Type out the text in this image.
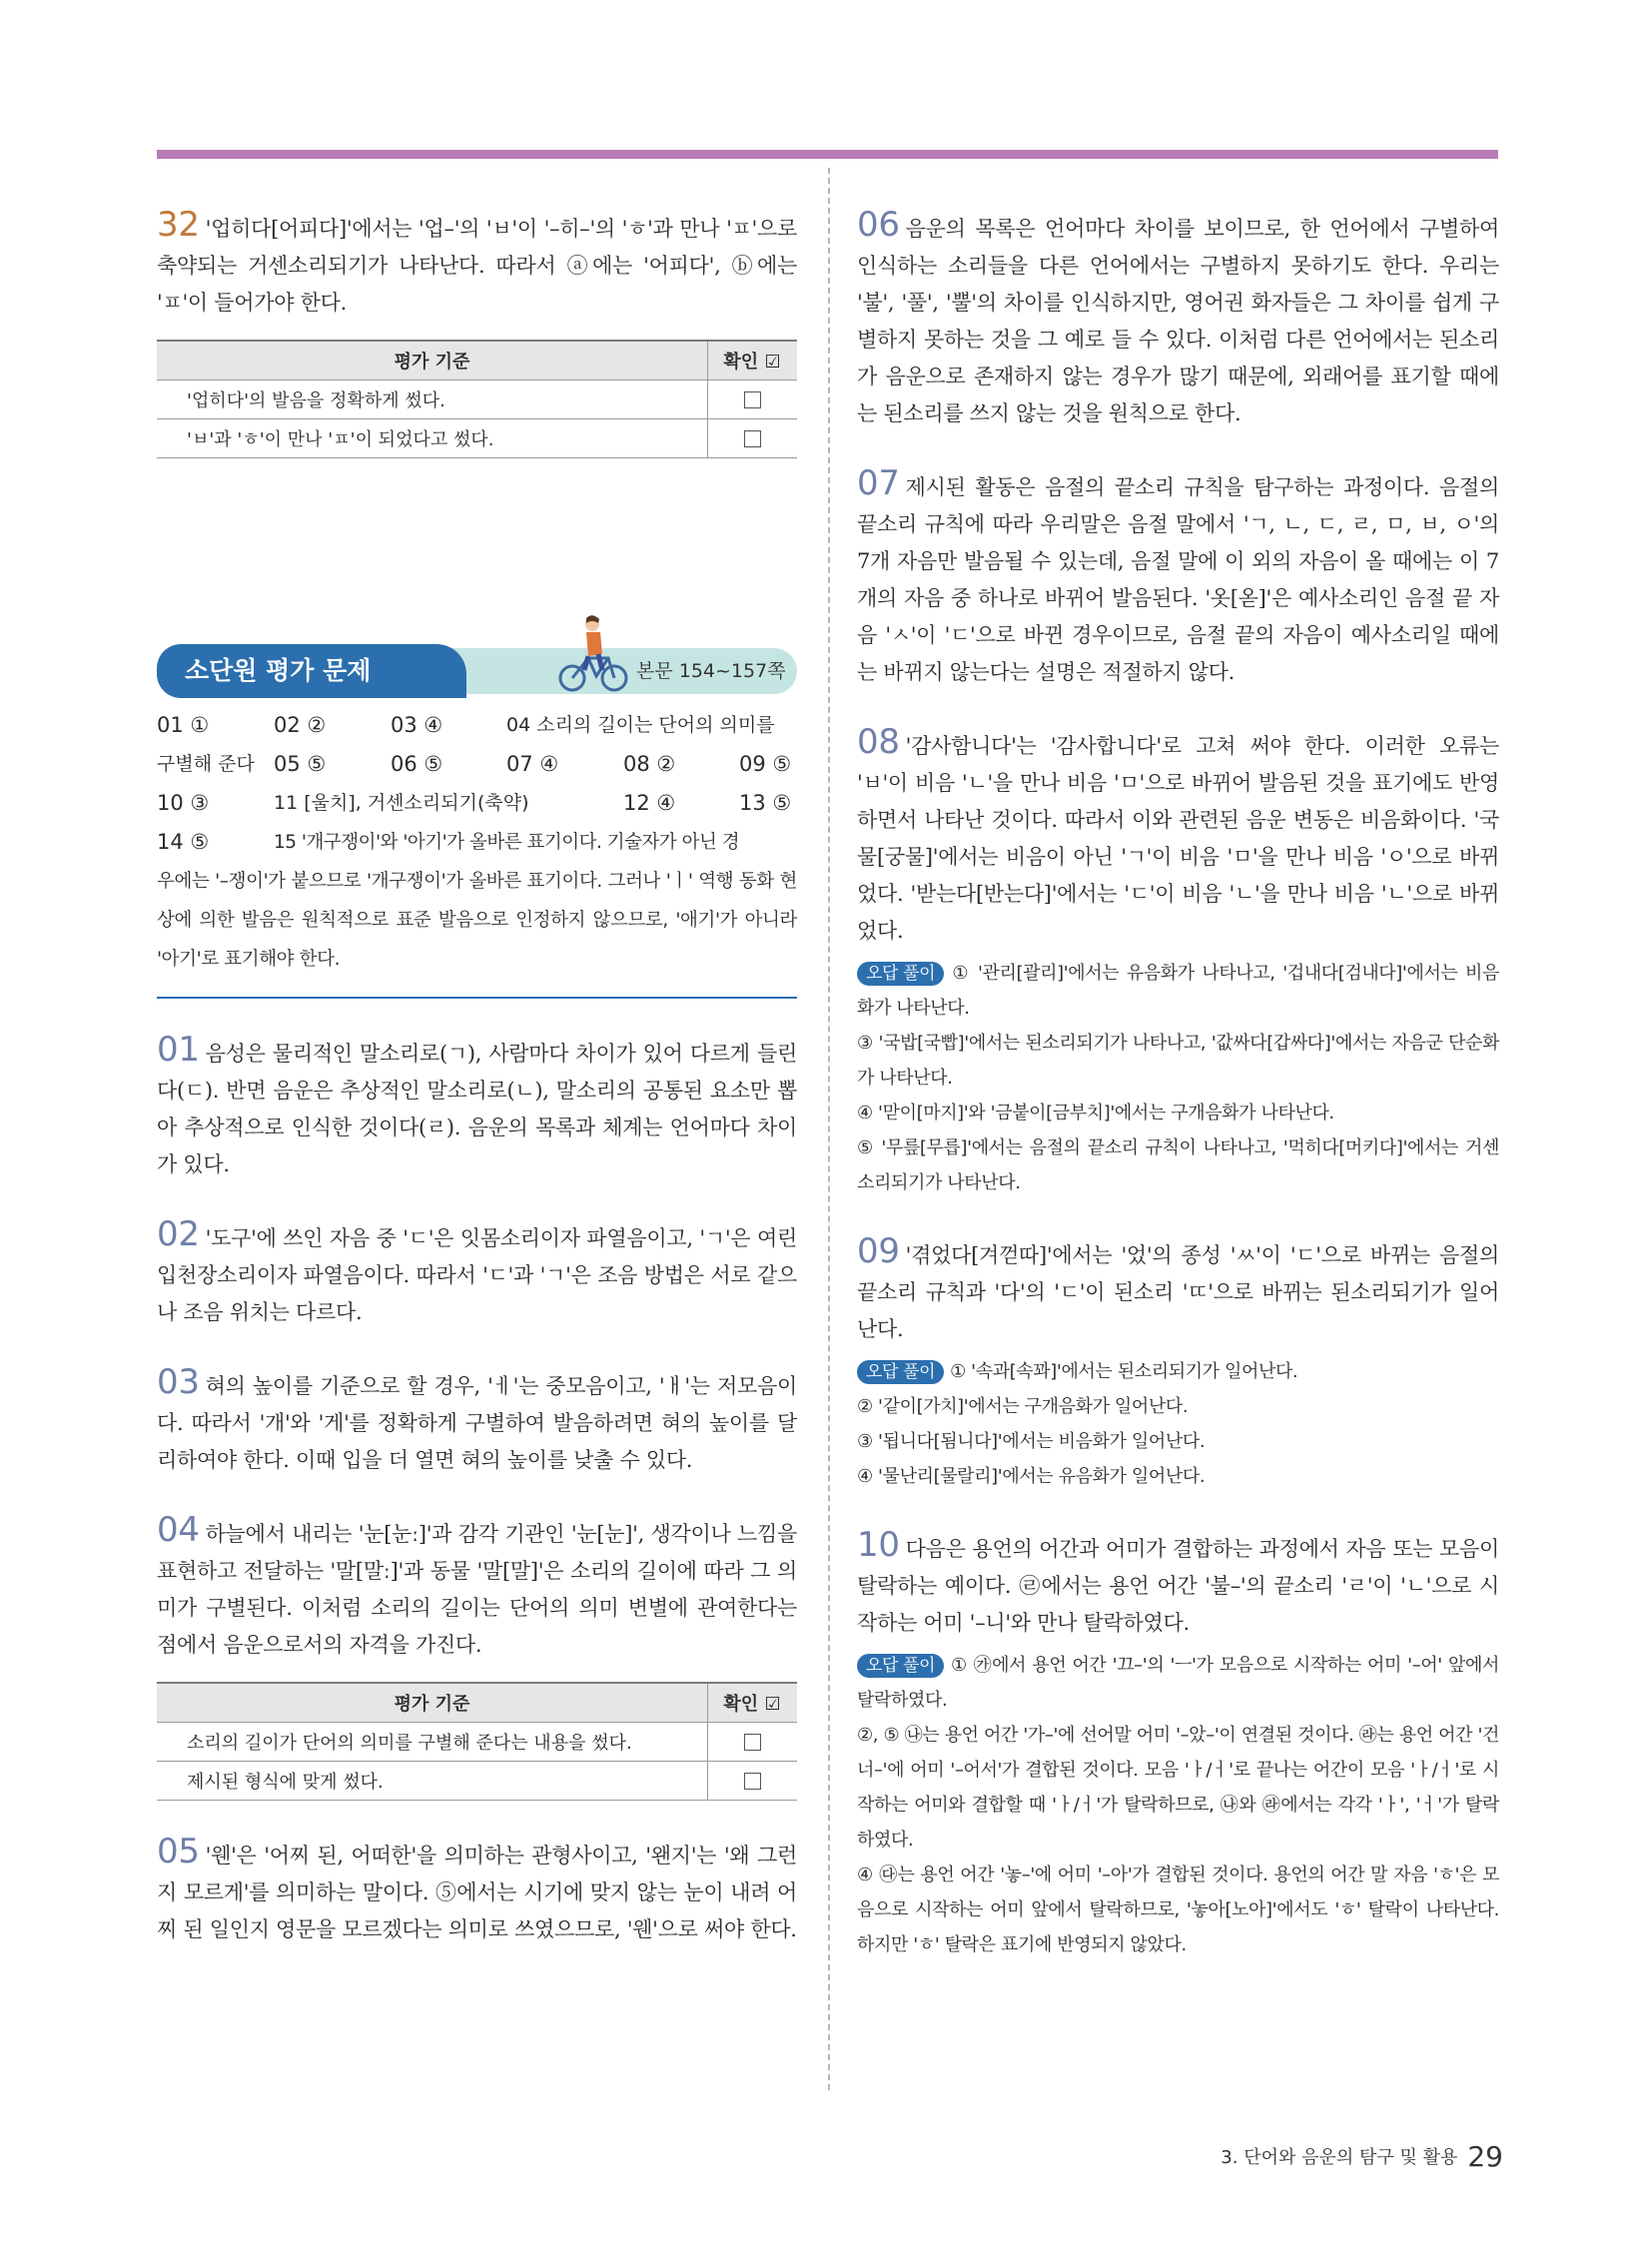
32 '업히다[어피다]'에서는 '업–'의 'ㅂ'이 '–히–'의 'ㅎ'과 만나 'ㅍ'으로 축약되는 거센소리되기가 나타난다. 따라서 ⓐ에는 '어피다', ⓑ에는 'ㅍ'이 들어가야 한다.

평가 기준	확인 ☑
'업히다'의 발음을 정확하게 썼다.	
'ㅂ'과 'ㅎ'이 만나 'ㅍ'이 되었다고 썼다.	
소단원 평가 문제	본문 154~157쪽
01 ①	02 ②	03 ④	04 소리의 길이는 단어의 의미를
구별해 준다 05 ⑤	06 ⑤	07 ④	08 ②	09 ⑤
10 ③	11 [울치], 거센소리되기(축약)	12 ④	13 ⑤
14 ⑤	15 '개구쟁이'와 '아기'가 올바른 표기이다. 기술자가 아닌 경
우에는 '–쟁이'가 붙으므로 '개구쟁이'가 올바른 표기이다. 그러나 'ㅣ' 역행 동화 현상에 의한 발음은 원칙적으로 표준 발음으로 인정하지 않으므로, '애기'가 아니라 '아기'로 표기해야 한다.

01 음성은 물리적인 말소리로(ㄱ), 사람마다 차이가 있어 다르게 들린다(ㄷ). 반면 음운은 추상적인 말소리로(ㄴ), 말소리의 공통된 요소만 뽑아 추상적으로 인식한 것이다(ㄹ). 음운의 목록과 체계는 언어마다 차이가 있다.

02 '도구'에 쓰인 자음 중 'ㄷ'은 잇몸소리이자 파열음이고, 'ㄱ'은 여린입천장소리이자 파열음이다. 따라서 'ㄷ'과 'ㄱ'은 조음 방법은 서로 같으나 조음 위치는 다르다.

03 혀의 높이를 기준으로 할 경우, 'ㅔ'는 중모음이고, 'ㅐ'는 저모음이다. 따라서 '개'와 '게'를 정확하게 구별하여 발음하려면 혀의 높이를 달리하여야 한다. 이때 입을 더 열면 혀의 높이를 낮출 수 있다.

04 하늘에서 내리는 '눈[눈ː]'과 감각 기관인 '눈[눈]', 생각이나 느낌을 표현하고 전달하는 '말[말ː]'과 동물 '말[말]'은 소리의 길이에 따라 그 의미가 구별된다. 이처럼 소리의 길이는 단어의 의미 변별에 관여한다는 점에서 음운으로서의 자격을 가진다.

평가 기준	확인 ☑
소리의 길이가 단어의 의미를 구별해 준다는 내용을 썼다.	
제시된 형식에 맞게 썼다.	

05 '웬'은 '어찌 된, 어떠한'을 의미하는 관형사이고, '왠지'는 '왜 그런지 모르게'를 의미하는 말이다. ⑤에서는 시기에 맞지 않는 눈이 내려 어찌 된 일인지 영문을 모르겠다는 의미로 쓰였으므로, '웬'으로 써야 한다.

06 음운의 목록은 언어마다 차이를 보이므로, 한 언어에서 구별하여 인식하는 소리들을 다른 언어에서는 구별하지 못하기도 한다. 우리는 '불', '풀', '뿔'의 차이를 인식하지만, 영어권 화자들은 그 차이를 쉽게 구별하지 못하는 것을 그 예로 들 수 있다. 이처럼 다른 언어에서는 된소리가 음운으로 존재하지 않는 경우가 많기 때문에, 외래어를 표기할 때에는 된소리를 쓰지 않는 것을 원칙으로 한다.

07 제시된 활동은 음절의 끝소리 규칙을 탐구하는 과정이다. 음절의 끝소리 규칙에 따라 우리말은 음절 말에서 'ㄱ, ㄴ, ㄷ, ㄹ, ㅁ, ㅂ, ㅇ'의 7개 자음만 발음될 수 있는데, 음절 말에 이 외의 자음이 올 때에는 이 7개의 자음 중 하나로 바뀌어 발음된다. '옷[옫]'은 예사소리인 음절 끝 자음 'ㅅ'이 'ㄷ'으로 바뀐 경우이므로, 음절 끝의 자음이 예사소리일 때에는 바뀌지 않는다는 설명은 적절하지 않다.

08 '감사함니다'는 '감사합니다'로 고쳐 써야 한다. 이러한 오류는 'ㅂ'이 비음 'ㄴ'을 만나 비음 'ㅁ'으로 바뀌어 발음된 것을 표기에도 반영하면서 나타난 것이다. 따라서 이와 관련된 음운 변동은 비음화이다. '국물[궁물]'에서는 비음이 아닌 'ㄱ'이 비음 'ㅁ'을 만나 비음 'ㅇ'으로 바뀌었다. '받는다[반는다]'에서는 'ㄷ'이 비음 'ㄴ'을 만나 비음 'ㄴ'으로 바뀌었다.

오답 풀이 ① '관리[괄리]'에서는 유음화가 나타나고, '겁내다[검내다]'에서는 비음화가 나타난다.

③ '국밥[국빱]'에서는 된소리되기가 나타나고, '값싸다[갑싸다]'에서는 자음군 단순화가 나타난다.

④ '맏이[마지]'와 '금붙이[금부치]'에서는 구개음화가 나타난다.

⑤ '무릎[무릅]'에서는 음절의 끝소리 규칙이 나타나고, '먹히다[머키다]'에서는 거센소리되기가 나타난다.

09 '겪었다[겨껃따]'에서는 '었'의 종성 'ㅆ'이 'ㄷ'으로 바뀌는 음절의 끝소리 규칙과 '다'의 'ㄷ'이 된소리 'ㄸ'으로 바뀌는 된소리되기가 일어난다.

오답 풀이 ① '속과[속꽈]'에서는 된소리되기가 일어난다.

② '같이[가치]'에서는 구개음화가 일어난다.

③ '됩니다[됨니다]'에서는 비음화가 일어난다.

④ '물난리[물랄리]'에서는 유음화가 일어난다.

10 다음은 용언의 어간과 어미가 결합하는 과정에서 자음 또는 모음이 탈락하는 예이다. ㉣에서는 용언 어간 '불–'의 끝소리 'ㄹ'이 'ㄴ'으로 시작하는 어미 '–니'와 만나 탈락하였다.

오답 풀이 ① ㉮에서 용언 어간 '끄–'의 'ㅡ'가 모음으로 시작하는 어미 '–어' 앞에서 탈락하였다.

②, ⑤ ㉯는 용언 어간 '가–'에 선어말 어미 '–았–'이 연결된 것이다. ㉱는 용언 어간 '건너–'에 어미 '–어서'가 결합된 것이다. 모음 'ㅏ/ㅓ'로 끝나는 어간이 모음 'ㅏ/ㅓ'로 시작하는 어미와 결합할 때 'ㅏ/ㅓ'가 탈락하므로, ㉯와 ㉱에서는 각각 'ㅏ', 'ㅓ'가 탈락하였다.

④ ㉰는 용언 어간 '놓–'에 어미 '–아'가 결합된 것이다. 용언의 어간 말 자음 'ㅎ'은 모음으로 시작하는 어미 앞에서 탈락하므로, '놓아[노아]'에서도 'ㅎ' 탈락이 나타난다. 하지만 'ㅎ' 탈락은 표기에 반영되지 않았다.

3. 단어와 음운의 탐구 및 활용 29
